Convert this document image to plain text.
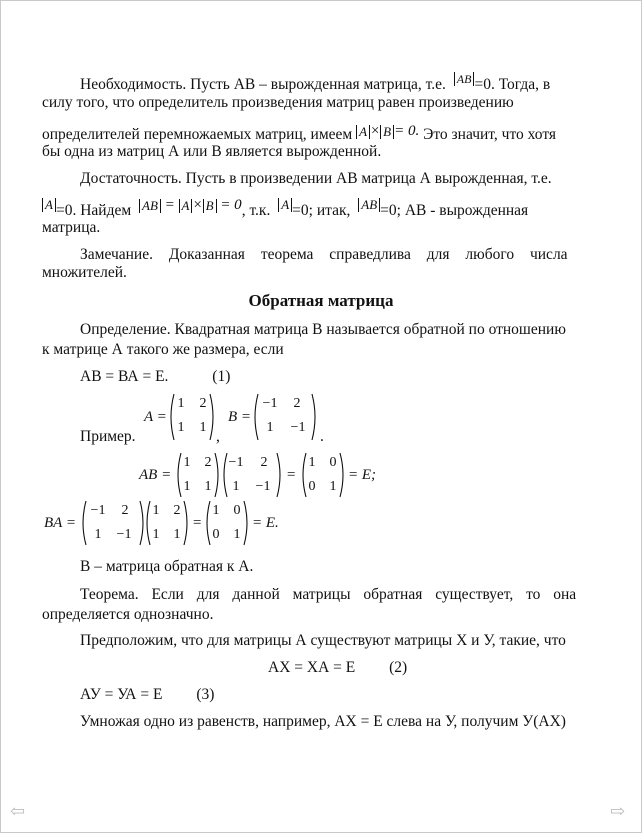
Необходимость. Пусть АВ – вырожденная матрица, т.е. AB =0. Тогда, в
силу того, что определитель произведения матриц равен произведению
определителей перемножаемых матриц, имеем A × B = 0. Это значит, что хотя
бы одна из матриц А или В является вырожденной.
Достаточность. Пусть в произведении АВ матрица А вырожденная, т.е.
A =0. Найдем AB = A × B = 0, т.к. A =0; итак, AB =0; АВ - вырожденная
матрица.
Замечание. Доказанная теорема справедлива для любого числа
множителей.
Обратная матрица
Определение. Квадратная матрица В называется обратной по отношению
к матрице А такого же размера, если
АВ = ВА = Е.	(1)
Пример.
A =
1	2
1	1
,
B =
−1	2
1	−1
.
AB =
1	2
1	1
−1	2
1	−1
=
1	0
0	1
= E;
BA =
−1	2
1	−1
1	2
1	1
=
1	0
0	1
= E.
В – матрица обратная к А.
Теорема. Если для данной матрицы обратная существует, то она
определяется однозначно.
Предположим, что для матрицы А существуют матрицы Х и У, такие, что
АХ = ХА = Е (2)
АУ = УА = Е (3)
Умножая одно из равенств, например, АХ = Е слева на У, получим У(АХ)
⇦	⇨
